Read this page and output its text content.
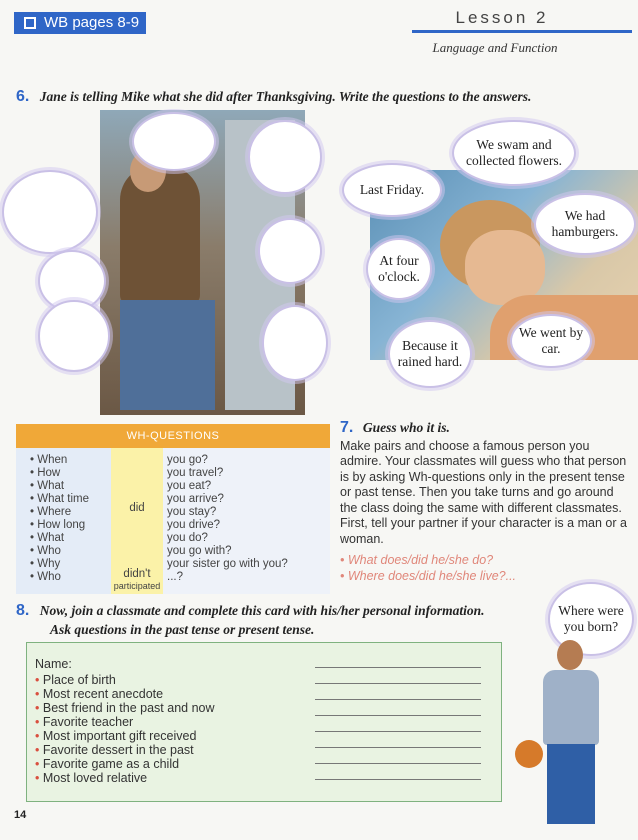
WB pages 8-9	Lesson 2
Language and Function
6. Jane is telling Mike what she did after Thanksgiving. Write the questions to the answers.
We swam and collected flowers.
Last Friday.
We had hamburgers.
At four o'clock.
Because it rained hard.
We went by car.
WH-QUESTIONS
• When
• How
• What
• What time
• Where
• How long
• What
• Who
• Why
• Who
did
didn't
participated
you go?
you travel?
you eat?
you arrive?
you stay?
you drive?
you do?
you go with?
your sister go with you?
...?
7. Guess who it is.
Make pairs and choose a famous person you admire. Your classmates will guess who that person is by asking Wh-questions only in the present tense or past tense. Then you take turns and go around the class doing the same with different classmates. First, tell your partner if your character is a man or a woman.
• What does/did he/she do?
• Where does/did he/she live?...
8. Now, join a classmate and complete this card with his/her personal information.
Ask questions in the past tense or present tense.
Name:
• Place of birth
• Most recent anecdote
• Best friend in the past and now
• Favorite teacher
• Most important gift received
• Favorite dessert in the past
• Favorite game as a child
• Most loved relative
Where were you born?
14
